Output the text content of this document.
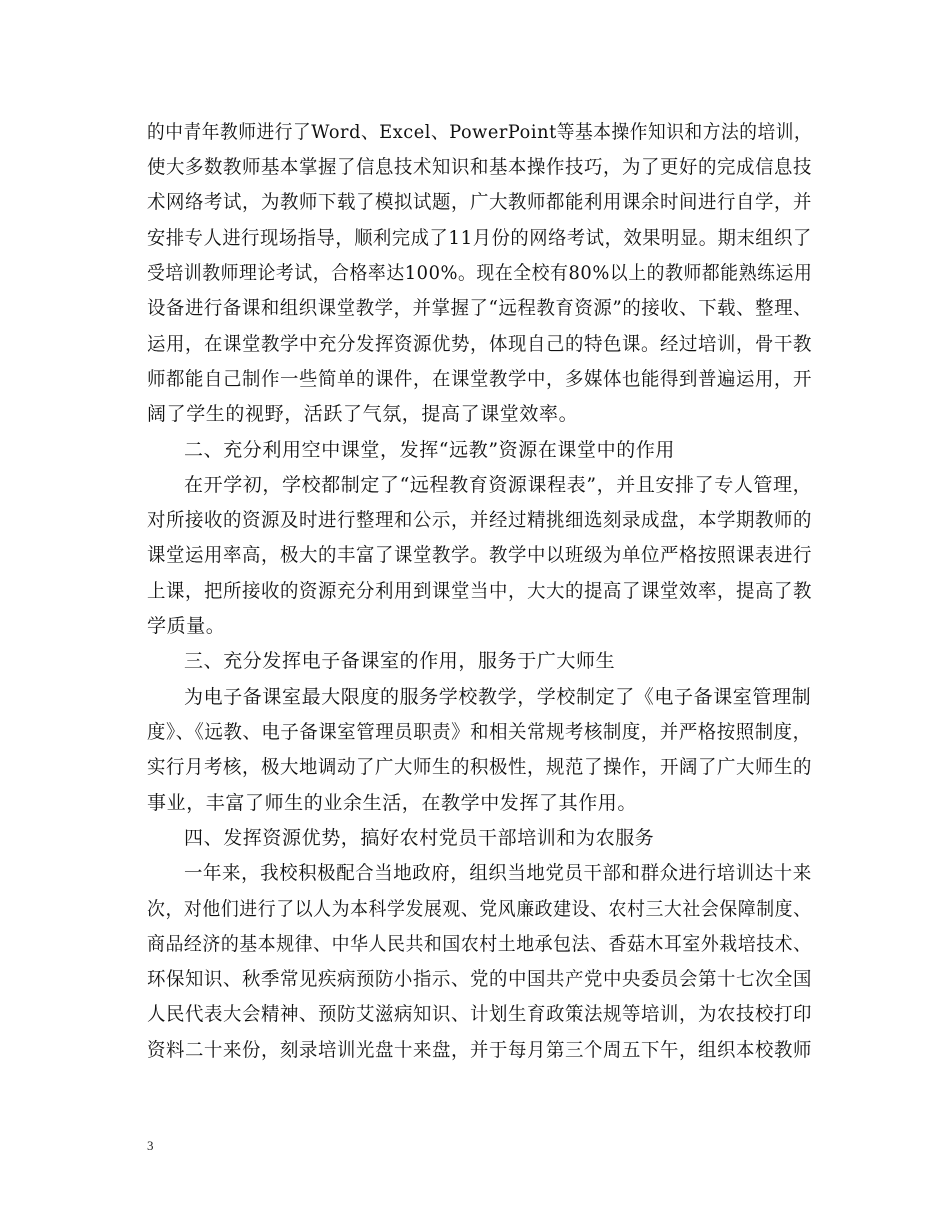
的中青年教师进行了Word、Excel、PowerPoint等基本操作知识和方法的培训，
使大多数教师基本掌握了信息技术知识和基本操作技巧，为了更好的完成信息技
术网络考试，为教师下载了模拟试题，广大教师都能利用课余时间进行自学，并
安排专人进行现场指导，顺利完成了11月份的网络考试，效果明显。期末组织了
受培训教师理论考试，合格率达100%。现在全校有80%以上的教师都能熟练运用
设备进行备课和组织课堂教学，并掌握了“远程教育资源”的接收、下载、整理、
运用，在课堂教学中充分发挥资源优势，体现自己的特色课。经过培训，骨干教
师都能自己制作一些简单的课件，在课堂教学中，多媒体也能得到普遍运用，开
阔了学生的视野，活跃了气氛，提高了课堂效率。
二、充分利用空中课堂，发挥“远教”资源在课堂中的作用
在开学初，学校都制定了“远程教育资源课程表”，并且安排了专人管理，
对所接收的资源及时进行整理和公示，并经过精挑细选刻录成盘，本学期教师的
课堂运用率高，极大的丰富了课堂教学。教学中以班级为单位严格按照课表进行
上课，把所接收的资源充分利用到课堂当中，大大的提高了课堂效率，提高了教
学质量。
三、充分发挥电子备课室的作用，服务于广大师生
为电子备课室最大限度的服务学校教学，学校制定了《电子备课室管理制
度》、《远教、电子备课室管理员职责》和相关常规考核制度，并严格按照制度，
实行月考核，极大地调动了广大师生的积极性，规范了操作，开阔了广大师生的
事业，丰富了师生的业余生活，在教学中发挥了其作用。
四、发挥资源优势，搞好农村党员干部培训和为农服务
一年来，我校积极配合当地政府，组织当地党员干部和群众进行培训达十来
次，对他们进行了以人为本科学发展观、党风廉政建设、农村三大社会保障制度、
商品经济的基本规律、中华人民共和国农村土地承包法、香菇木耳室外栽培技术、
环保知识、秋季常见疾病预防小指示、党的中国共产党中央委员会第十七次全国
人民代表大会精神、预防艾滋病知识、计划生育政策法规等培训，为农技校打印
资料二十来份，刻录培训光盘十来盘，并于每月第三个周五下午，组织本校教师
3
